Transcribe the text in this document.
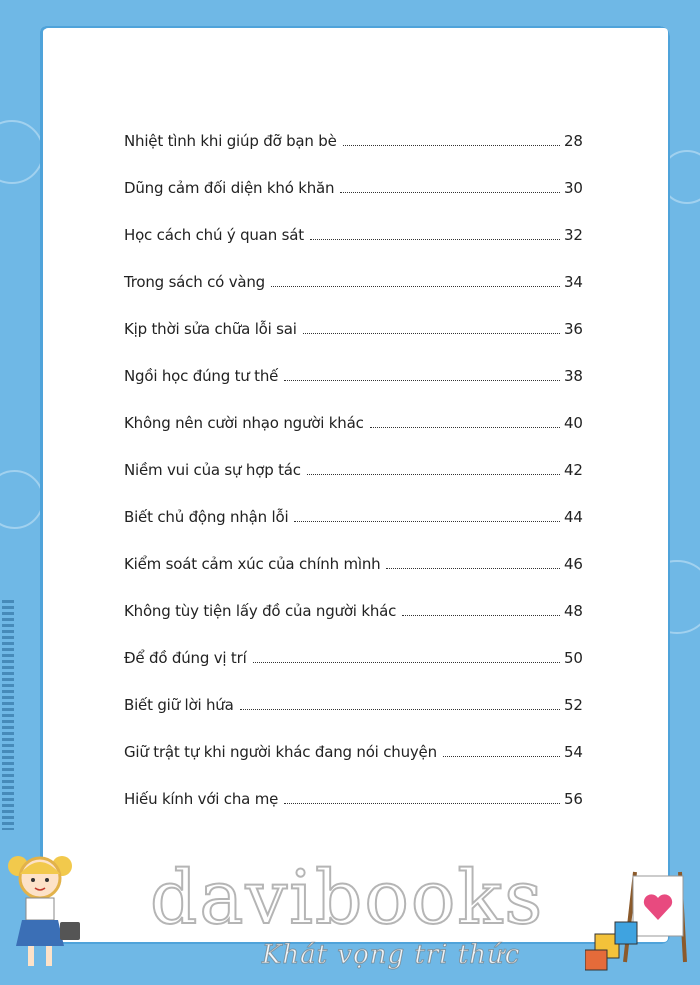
Nhiệt tình khi giúp đỡ bạn bè	28
Dũng cảm đối diện khó khăn	30
Học cách chú ý quan sát	32
Trong sách có vàng	34
Kịp thời sửa chữa lỗi sai	36
Ngồi học đúng tư thế	38
Không nên cười nhạo người khác	40
Niềm vui của sự hợp tác	42
Biết chủ động nhận lỗi	44
Kiểm soát cảm xúc của chính mình	46
Không tùy tiện lấy đồ của người khác	48
Để đồ đúng vị trí	50
Biết giữ lời hứa	52
Giữ trật tự khi người khác đang nói chuyện	54
Hiếu kính với cha mẹ	56
davibooks
Khát vọng tri thức
